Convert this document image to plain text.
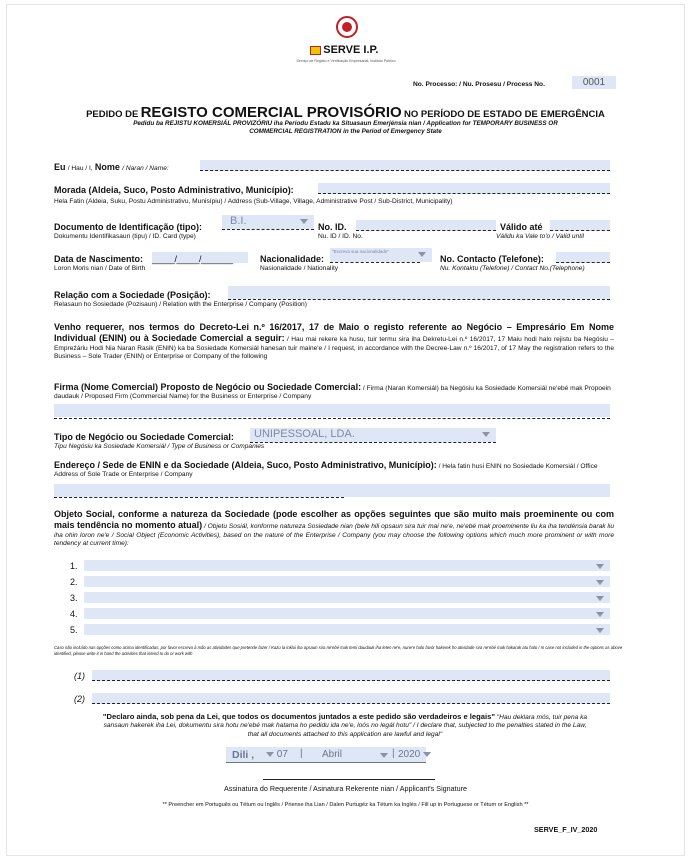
SERVE I.P.
Serviço de Registo e Verificação Empresarial, Instituto Público
No. Processo: / Nu. Prosesu / Process No.	0001
PEDIDO DE REGISTO COMERCIAL PROVISÓRIO NO PERÍODO DE ESTADO DE EMERGÊNCIA
Pedidu ba REJISTU KOMERSIÁL PROVIZÓRIU iha Periodu Estadu ka Situasaun Emerjénsia nian / Application for TEMPORARY BUSINESS OR
COMMERCIAL REGISTRATION in the Period of Emergency State
Eu / Hau / I, Nome / Naran / Name:
Morada (Aldeia, Suco, Posto Administrativo, Município):
Hela Fatin (Aldeia, Suku, Postu Administrativu, Munisípiu) / Address (Sub-Village, Village, Administrative Post / Sub-District, Municipality)
Documento de Identificação (tipo):
Dokumentu Identifikasaun (tipu) / ID. Card (type)
B.I.	No. ID.
Nu. ID / ID. No.
Válido até
Válidu ka Vale to'o / Valid until
Data de Nascimento:
Loron Moris nian / Date of Birth
_____/_____/_______	Nacionalidade:
Nasionalidade / Nationality
"Escreva sua nacionalidade"
No. Contacto (Telefone):
Nu. Kontaktu (Telefone) / Contact No.(Telephone)
Relação com a Sociedade (Posição):
Relasaun ho Sosiedade (Pozisaun) / Relation with the Enterprise / Company (Position)
Venho requerer, nos termos do Decreto-Lei n.º 16/2017, 17 de Maio o registo referente ao Negócio – Empresário Em Nome Individual (ENIN) ou à Sociedade Comercial a seguir: / Hau mai rekere ka husu, tuir termu sira iha Dekretu-Lei n.º 16/2017, 17 Maiu hodi halo rejistu ba Negósiu – Empreźáriu Hodi Nia Naran Rasik (ENIN) ka ba Sosiedade Komersiál hanesan tuir maine'e / I request, in accordance with the Decree-Law n.º 16/2017, of 17 May the registration refers to the Business – Sole Trader (ENIN) or Enterprise or Company of the following
Firma (Nome Comercial) Proposto de Negócio ou Sociedade Comercial: / Firma (Naran Komersiál) ba Negósiu ka Sosiedade Komersiál ne'ebé mak Propoein daudauk / Proposed Firm (Commercial Name) for the Business or Enterprise / Company
Tipo de Negócio ou Sociedade Comercial:
Tipu Negósiu ka Sosiedade Komersiál / Type of Business or Companies
UNIPESSOAL, LDA.
Endereço / Sede de ENIN e da Sociedade (Aldeia, Suco, Posto Administrativo, Município): / Hela fatin husi ENIN no Sosiedade Komersiál / Office Address of Sole Trade or Enterprise / Company
Objeto Social, conforme a natureza da Sociedade (pode escolher as opções seguintes que são muito mais proeminente ou com mais tendência no momento atual) / Objetu Sosiál, konforme natureza Sosiedade nian (bele hili opsaun sira tuir mai ne'e, ne'ebé mak proeminente liu ka iha tendénsia barak liu iha ohin loron ne'e / Social Object (Economic Activities), based on the nature of the Enterprise / Company (you may choose the following options which much more prominent or with more tendency at current time):
1.
2.
3.
4.
5.
Caso não incluído nas opções como acima identificadas, por favor escreva à mão as atividades que pretende fazer / Kazu la inklui iha opsaun sira ne'ebé mak temi daudauk iha leten ne'e, nune'e halo favór hakerek ho atividade sira ne'ebé mak hakarak atu halo / In case not included in the options as above identified, please write it in hand the activities that intend to do or work with
(1)
(2)
"Declaro ainda, sob pena da Lei, que todos os documentos juntados a este pedido são verdadeiros e legais" "Hau deklara mós, tuir pena ka sansaun hakerek iha Lei, dokumentu sira hotu ne'ebé mak hatama ho pedidu ida ne'e, loós no legál hotu" / I declare that, subjected to the penalties stated in the Law, that all documents attached to this application are lawful and legal"
Dili ,	07 | Abril	| 2020
Assinatura do Requerente / Asinatura Rekerente nian / Applicant's Signature
** Preencher em Português ou Tétum ou Inglês / Prienxe iha Lian / Dalen Purtugéz ka Tétum ka Inglés / Fill up in Portuguese or Tétum or English **
SERVE_F_IV_2020
